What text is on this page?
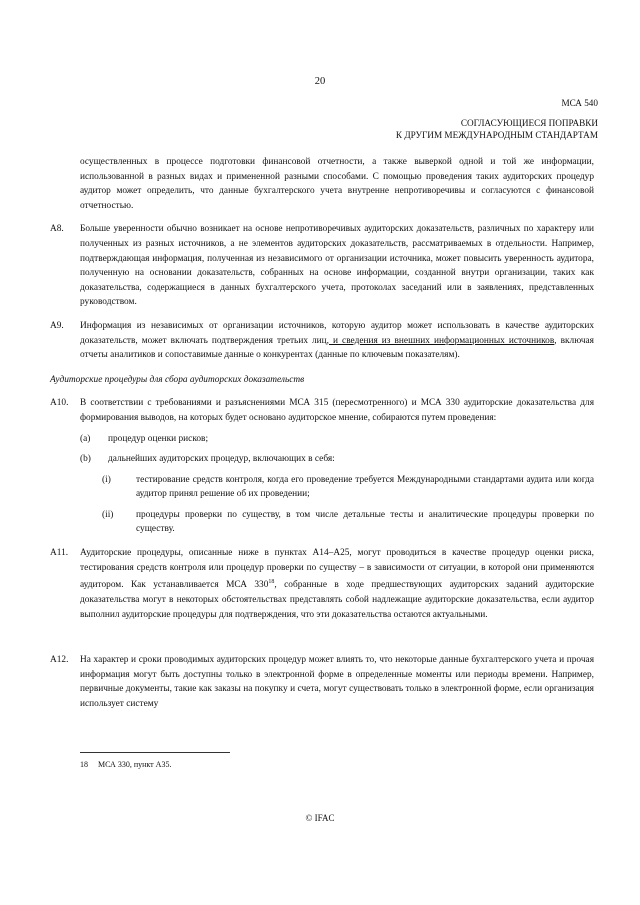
20
МСА 540
СОГЛАСУЮЩИЕСЯ ПОПРАВКИ
К ДРУГИМ МЕЖДУНАРОДНЫМ СТАНДАРТАМ

осуществленных в процессе подготовки финансовой отчетности, а также выверкой одной и той же информации, использованной в разных видах и примененной разными способами. С помощью проведения таких аудиторских процедур аудитор может определить, что данные бухгалтерского учета внутренне непротиворечивы и согласуются с финансовой отчетностью.

A8. Больше уверенности обычно возникает на основе непротиворечивых аудиторских доказательств, различных по характеру или полученных из разных источников, а не элементов аудиторских доказательств, рассматриваемых в отдельности. Например, подтверждающая информация, полученная из независимого от организации источника, может повысить уверенность аудитора, полученную на основании доказательств, собранных на основе информации, созданной внутри организации, таких как доказательства, содержащиеся в данных бухгалтерского учета, протоколах заседаний или в заявлениях, представленных руководством.
A9. Информация из независимых от организации источников, которую аудитор может использовать в качестве аудиторских доказательств, может включать подтверждения третьих лиц, и сведения из внешних информационных источников, включая отчеты аналитиков и сопоставимые данные о конкурентах (данные по ключевым показателям).
Аудиторские процедуры для сбора аудиторских доказательств
A10. В соответствии с требованиями и разъяснениями МСА 315 (пересмотренного) и МСА 330 аудиторские доказательства для формирования выводов, на которых будет основано аудиторское мнение, собираются путем проведения:
(a) процедур оценки рисков;
(b) дальнейших аудиторских процедур, включающих в себя:
(i)	тестирование средств контроля, когда его проведение требуется Международными стандартами аудита или когда аудитор принял решение об их проведении;
(ii) процедуры проверки по существу, в том числе детальные тесты и аналитические процедуры проверки по существу.
A11. Аудиторские процедуры, описанные ниже в пунктах A14–A25, могут проводиться в качестве процедур оценки риска, тестирования средств контроля или процедур проверки по существу – в зависимости от ситуации, в которой они применяются аудитором. Как устанавливается МСА $330^{18}$, собранные в ходе предшествующих аудиторских заданий аудиторские доказательства могут в некоторых обстоятельствах представлять собой надлежащие аудиторские доказательства, если аудитор выполнил аудиторские процедуры для подтверждения, что эти доказательства остаются актуальными.
A12. На характер и сроки проводимых аудиторских процедур может влиять то, что некоторые данные бухгалтерского учета и прочая информация могут быть доступны только в электронной форме в определенные моменты или периоды времени. Например, первичные документы, такие как заказы на покупку и счета, могут существовать только в электронной форме, если организация использует систему
18 МСА 330, пункт А35.
© IFAC
